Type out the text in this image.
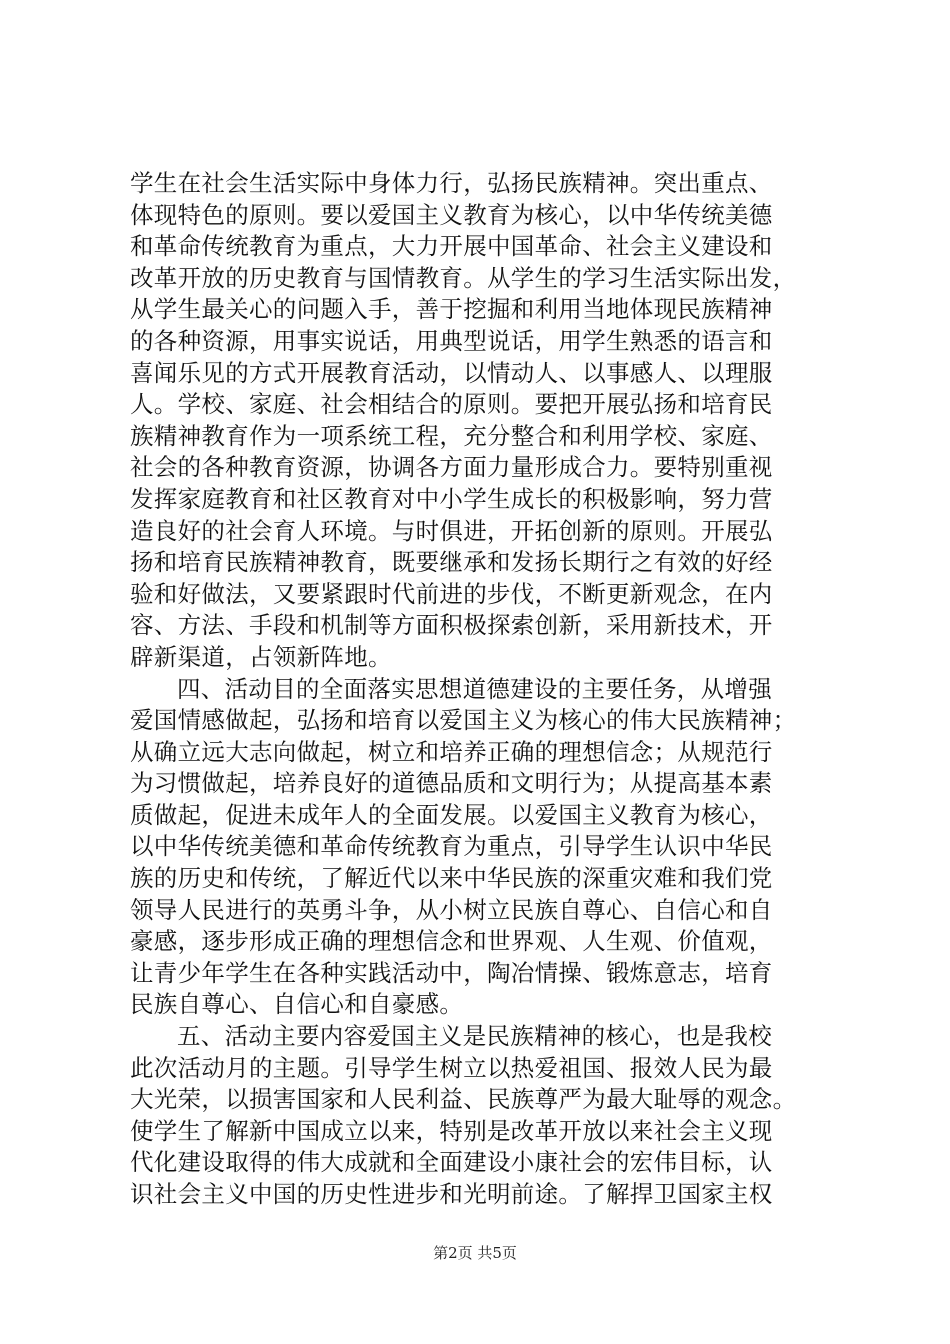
学生在社会生活实际中身体力行，弘扬民族精神。突出重点、
体现特色的原则。要以爱国主义教育为核心，以中华传统美德
和革命传统教育为重点，大力开展中国革命、社会主义建设和
改革开放的历史教育与国情教育。从学生的学习生活实际出发，
从学生最关心的问题入手，善于挖掘和利用当地体现民族精神
的各种资源，用事实说话，用典型说话，用学生熟悉的语言和
喜闻乐见的方式开展教育活动，以情动人、以事感人、以理服
人。学校、家庭、社会相结合的原则。要把开展弘扬和培育民
族精神教育作为一项系统工程，充分整合和利用学校、家庭、
社会的各种教育资源，协调各方面力量形成合力。要特别重视
发挥家庭教育和社区教育对中小学生成长的积极影响，努力营
造良好的社会育人环境。与时俱进，开拓创新的原则。开展弘
扬和培育民族精神教育，既要继承和发扬长期行之有效的好经
验和好做法，又要紧跟时代前进的步伐，不断更新观念，在内
容、方法、手段和机制等方面积极探索创新，采用新技术，开
辟新渠道，占领新阵地。
四、活动目的全面落实思想道德建设的主要任务，从增强
爱国情感做起，弘扬和培育以爱国主义为核心的伟大民族精神；
从确立远大志向做起，树立和培养正确的理想信念；从规范行
为习惯做起，培养良好的道德品质和文明行为；从提高基本素
质做起，促进未成年人的全面发展。以爱国主义教育为核心，
以中华传统美德和革命传统教育为重点，引导学生认识中华民
族的历史和传统，了解近代以来中华民族的深重灾难和我们党
领导人民进行的英勇斗争，从小树立民族自尊心、自信心和自
豪感，逐步形成正确的理想信念和世界观、人生观、价值观，
让青少年学生在各种实践活动中，陶冶情操、锻炼意志，培育
民族自尊心、自信心和自豪感。
五、活动主要内容爱国主义是民族精神的核心，也是我校
此次活动月的主题。引导学生树立以热爱祖国、报效人民为最
大光荣，以损害国家和人民利益、民族尊严为最大耻辱的观念。
使学生了解新中国成立以来，特别是改革开放以来社会主义现
代化建设取得的伟大成就和全面建设小康社会的宏伟目标，认
识社会主义中国的历史性进步和光明前途。了解捍卫国家主权
第2页 共5页
